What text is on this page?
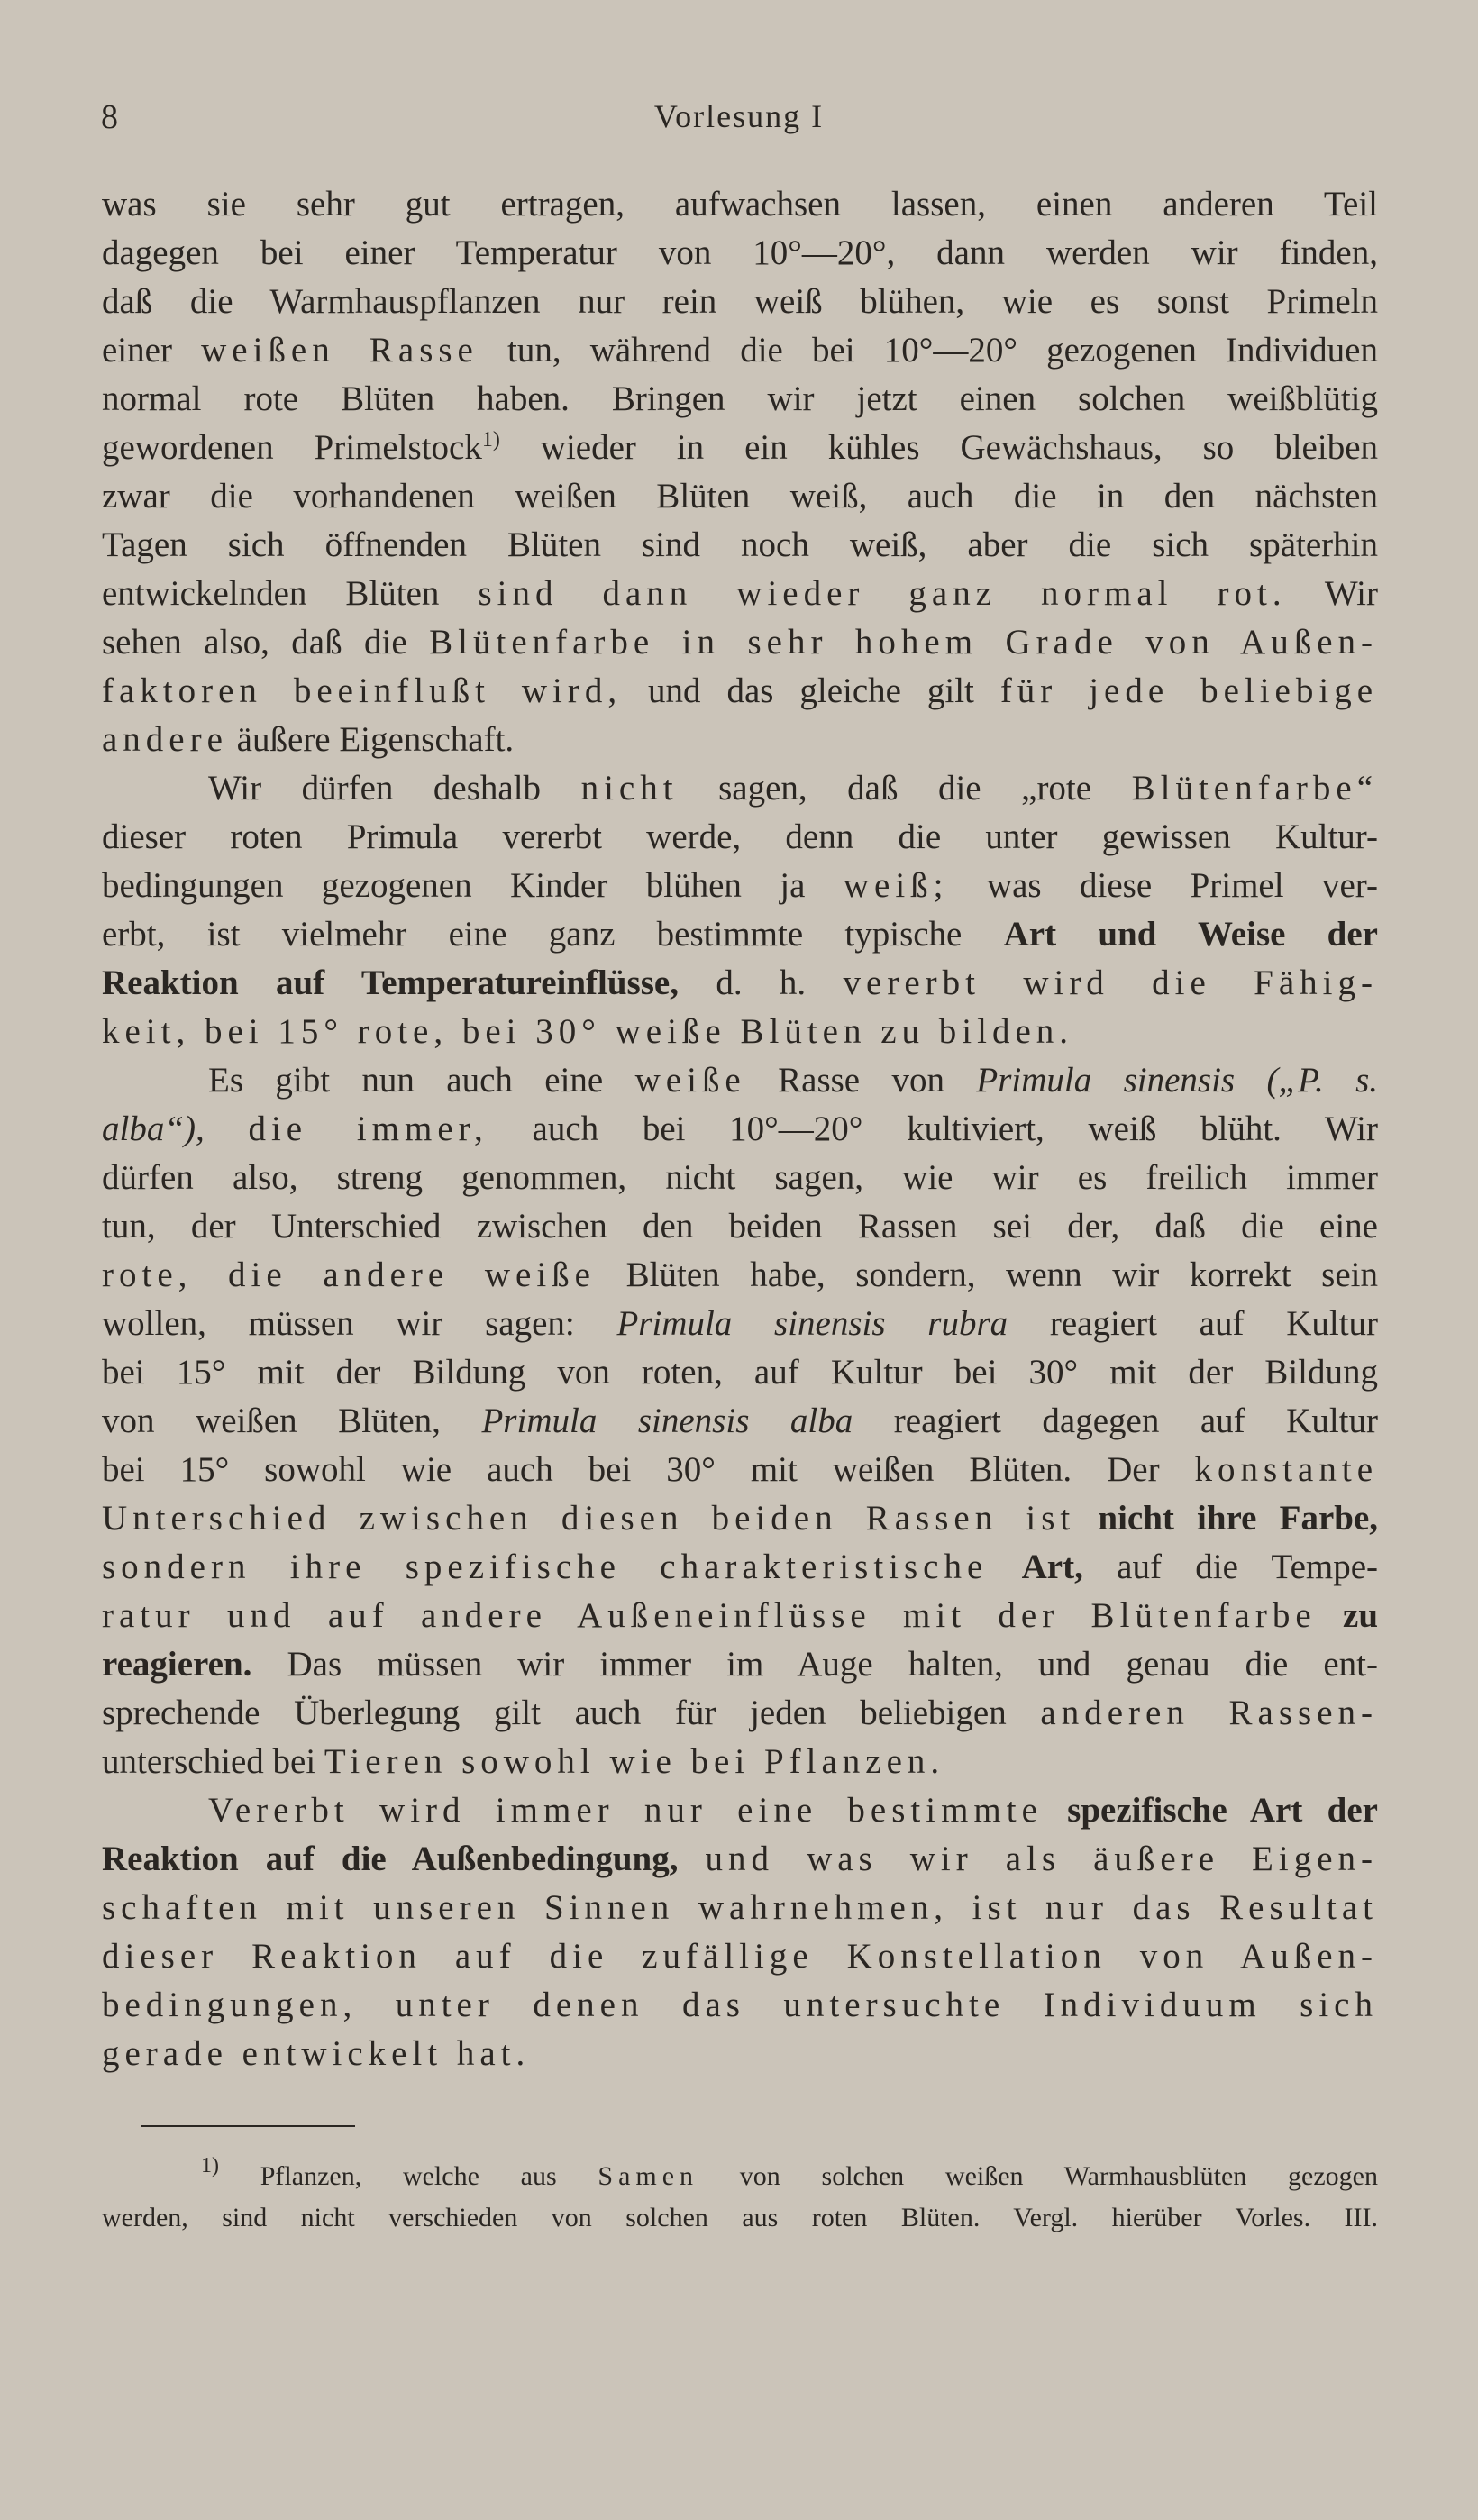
8	Vorlesung I
was sie sehr gut ertragen, aufwachsen lassen, einen anderen Teil
dagegen bei einer Temperatur von 10°—20°, dann werden wir finden,
daß die Warmhauspflanzen nur rein weiß blühen, wie es sonst Primeln
einer weißen Rasse tun, während die bei 10°—20° gezogenen Individuen
normal rote Blüten haben. Bringen wir jetzt einen solchen weißblütig
gewordenen Primelstock$^{1)}$ wieder in ein kühles Gewächshaus, so bleiben
zwar die vorhandenen weißen Blüten weiß, auch die in den nächsten
Tagen sich öffnenden Blüten sind noch weiß, aber die sich späterhin
entwickelnden Blüten sind dann wieder ganz normal rot. Wir
sehen also, daß die Blütenfarbe in sehr hohem Grade von Außen-
faktoren beeinflußt wird, und das gleiche gilt für jede beliebige
andere äußere Eigenschaft.
Wir dürfen deshalb nicht sagen, daß die „rote Blütenfarbe“
dieser roten Primula vererbt werde, denn die unter gewissen Kultur-
bedingungen gezogenen Kinder blühen ja weiß; was diese Primel ver-
erbt, ist vielmehr eine ganz bestimmte typische Art und Weise der
Reaktion auf Temperatureinflüsse, d. h. vererbt wird die Fähig-
keit, bei 15° rote, bei 30° weiße Blüten zu bilden.
Es gibt nun auch eine weiße Rasse von Primula sinensis („P. s.
alba“), die immer, auch bei 10°—20° kultiviert, weiß blüht. Wir
dürfen also, streng genommen, nicht sagen, wie wir es freilich immer
tun, der Unterschied zwischen den beiden Rassen sei der, daß die eine
rote, die andere weiße Blüten habe, sondern, wenn wir korrekt sein
wollen, müssen wir sagen: Primula sinensis rubra reagiert auf Kultur
bei 15° mit der Bildung von roten, auf Kultur bei 30° mit der Bildung
von weißen Blüten, Primula sinensis alba reagiert dagegen auf Kultur
bei 15° sowohl wie auch bei 30° mit weißen Blüten. Der konstante
Unterschied zwischen diesen beiden Rassen ist nicht ihre Farbe,
sondern ihre spezifische charakteristische Art, auf die Tempe-
ratur und auf andere Außeneinflüsse mit der Blütenfarbe zu
reagieren. Das müssen wir immer im Auge halten, und genau die ent-
sprechende Überlegung gilt auch für jeden beliebigen anderen Rassen-
unterschied bei Tieren sowohl wie bei Pflanzen.
Vererbt wird immer nur eine bestimmte spezifische Art der
Reaktion auf die Außenbedingung, und was wir als äußere Eigen-
schaften mit unseren Sinnen wahrnehmen, ist nur das Resultat
dieser Reaktion auf die zufällige Konstellation von Außen-
bedingungen, unter denen das untersuchte Individuum sich
gerade entwickelt hat.
$^{1)}$ Pflanzen, welche aus Samen von solchen weißen Warmhausblüten gezogen
werden, sind nicht verschieden von solchen aus roten Blüten. Vergl. hierüber Vorles. III.
